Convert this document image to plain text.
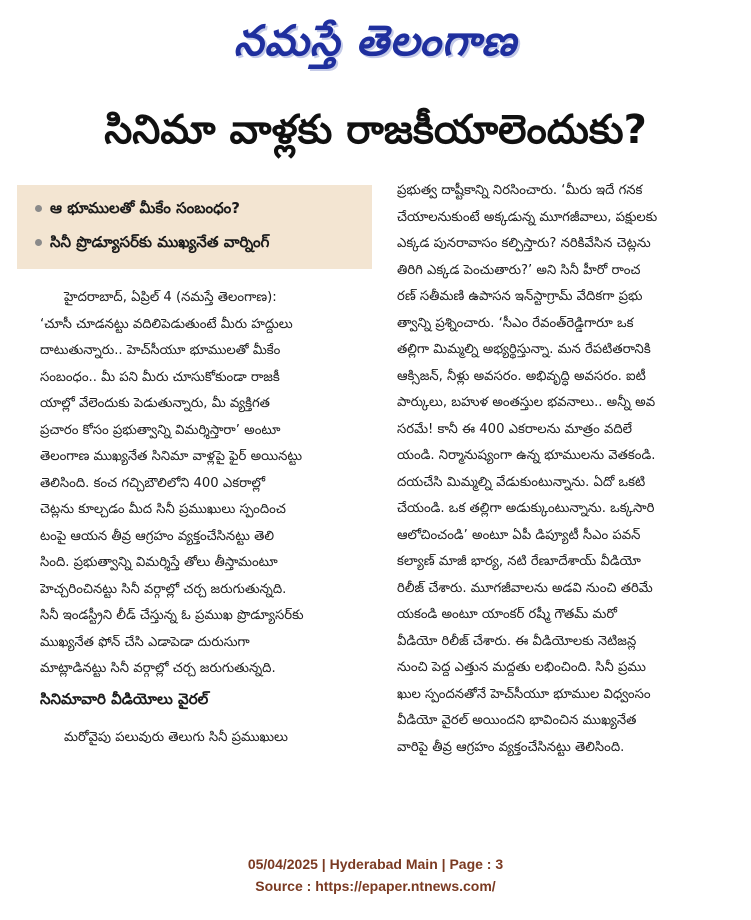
నమస్తే తెలంగాణ
సినిమా వాళ్లకు రాజకీయాలెందుకు?
ఆ భూములతో మీకేం సంబంధం?
సినీ ప్రొడ్యూసర్‌కు ముఖ్యనేత వార్నింగ్
హైదరాబాద్, ఏప్రిల్ 4 (నమస్తే తెలంగాణ):
‘చూసీ చూడనట్టు వదిలిపెడుతుంటే మీరు హద్దులు
దాటుతున్నారు.. హెచ్‌సీయూ భూములతో మీకేం
సంబంధం.. మీ పని మీరు చూసుకోకుండా రాజకీ
యాల్లో వేలెందుకు పెడుతున్నారు, మీ వ్యక్తిగత
ప్రచారం కోసం ప్రభుత్వాన్ని విమర్శిస్తారా’ అంటూ
తెలంగాణ ముఖ్యనేత సినిమా వాళ్లపై ఫైర్ అయినట్టు
తెలిసింది. కంచ గచ్చిబౌలిలోని 400 ఎకరాల్లో
చెట్లను కూల్చడం మీద సినీ ప్రముఖులు స్పందించ
టంపై ఆయన తీవ్ర ఆగ్రహం వ్యక్తంచేసినట్టు తెలి
సింది. ప్రభుత్వాన్ని విమర్శిస్తే తోలు తీస్తామంటూ
హెచ్చరించినట్టు సినీ వర్గాల్లో చర్చ జరుగుతున్నది.
సినీ ఇండస్ట్రీని లీడ్ చేస్తున్న ఓ ప్రముఖ ప్రొడ్యూసర్‌కు
ముఖ్యనేత ఫోన్ చేసి ఎడాపెడా దురుసుగా
మాట్లాడినట్టు సినీ వర్గాల్లో చర్చ జరుగుతున్నది.
సినిమావారి వీడియోలు వైరల్
మరోవైపు పలువురు తెలుగు సినీ ప్రముఖులు
ప్రభుత్వ దాష్టీకాన్ని నిరసించారు. ‘మీరు ఇదే గనక
చేయాలనుకుంటే అక్కడున్న మూగజీవాలు, పక్షులకు
ఎక్కడ పునరావాసం కల్పిస్తారు? నరికివేసిన చెట్లను
తిరిగి ఎక్కడ పెంచుతారు?’ అని సినీ హీరో రాంచ
రణ్ సతీమణి ఉపాసన ఇన్‌స్టాగ్రామ్ వేదికగా ప్రభు
త్వాన్ని ప్రశ్నించారు. ‘సీఎం రేవంత్‌రెడ్డిగారూ ఒక
తల్లిగా మిమ్మల్ని అభ్యర్థిస్తున్నా. మన రేపటితరానికి
ఆక్సిజన్, నీళ్లు అవసరం. అభివృద్ధి అవసరం. ఐటీ
పార్కులు, బహుళ అంతస్తుల భవనాలు.. అన్నీ అవ
సరమే! కానీ ఈ 400 ఎకరాలను మాత్రం వదిలే
యండి. నిర్మానుష్యంగా ఉన్న భూములను వెతకండి.
దయచేసి మిమ్మల్ని వేడుకుంటున్నాను. ఏదో ఒకటి
చేయండి. ఒక తల్లిగా అడుక్కుంటున్నాను. ఒక్కసారి
ఆలోచించండి’ అంటూ ఏపీ డిప్యూటీ సీఎం పవన్
కల్యాణ్ మాజీ భార్య, నటి రేణూదేశాయ్ వీడియో
రిలీజ్ చేశారు. మూగజీవాలను అడవి నుంచి తరిమే
యకండి అంటూ యాంకర్ రష్మీ గౌతమ్ మరో
వీడియో రిలీజ్ చేశారు. ఈ వీడియోలకు నెటిజన్ల
నుంచి పెద్ద ఎత్తున మద్దతు లభించింది. సినీ ప్రము
ఖుల స్పందనతోనే హెచ్‌సీయూ భూముల విధ్వంసం
వీడియో వైరల్ అయిందని భావించిన ముఖ్యనేత
వారిపై తీవ్ర ఆగ్రహం వ్యక్తంచేసినట్టు తెలిసింది.
05/04/2025 | Hyderabad Main | Page : 3
Source : https://epaper.ntnews.com/
